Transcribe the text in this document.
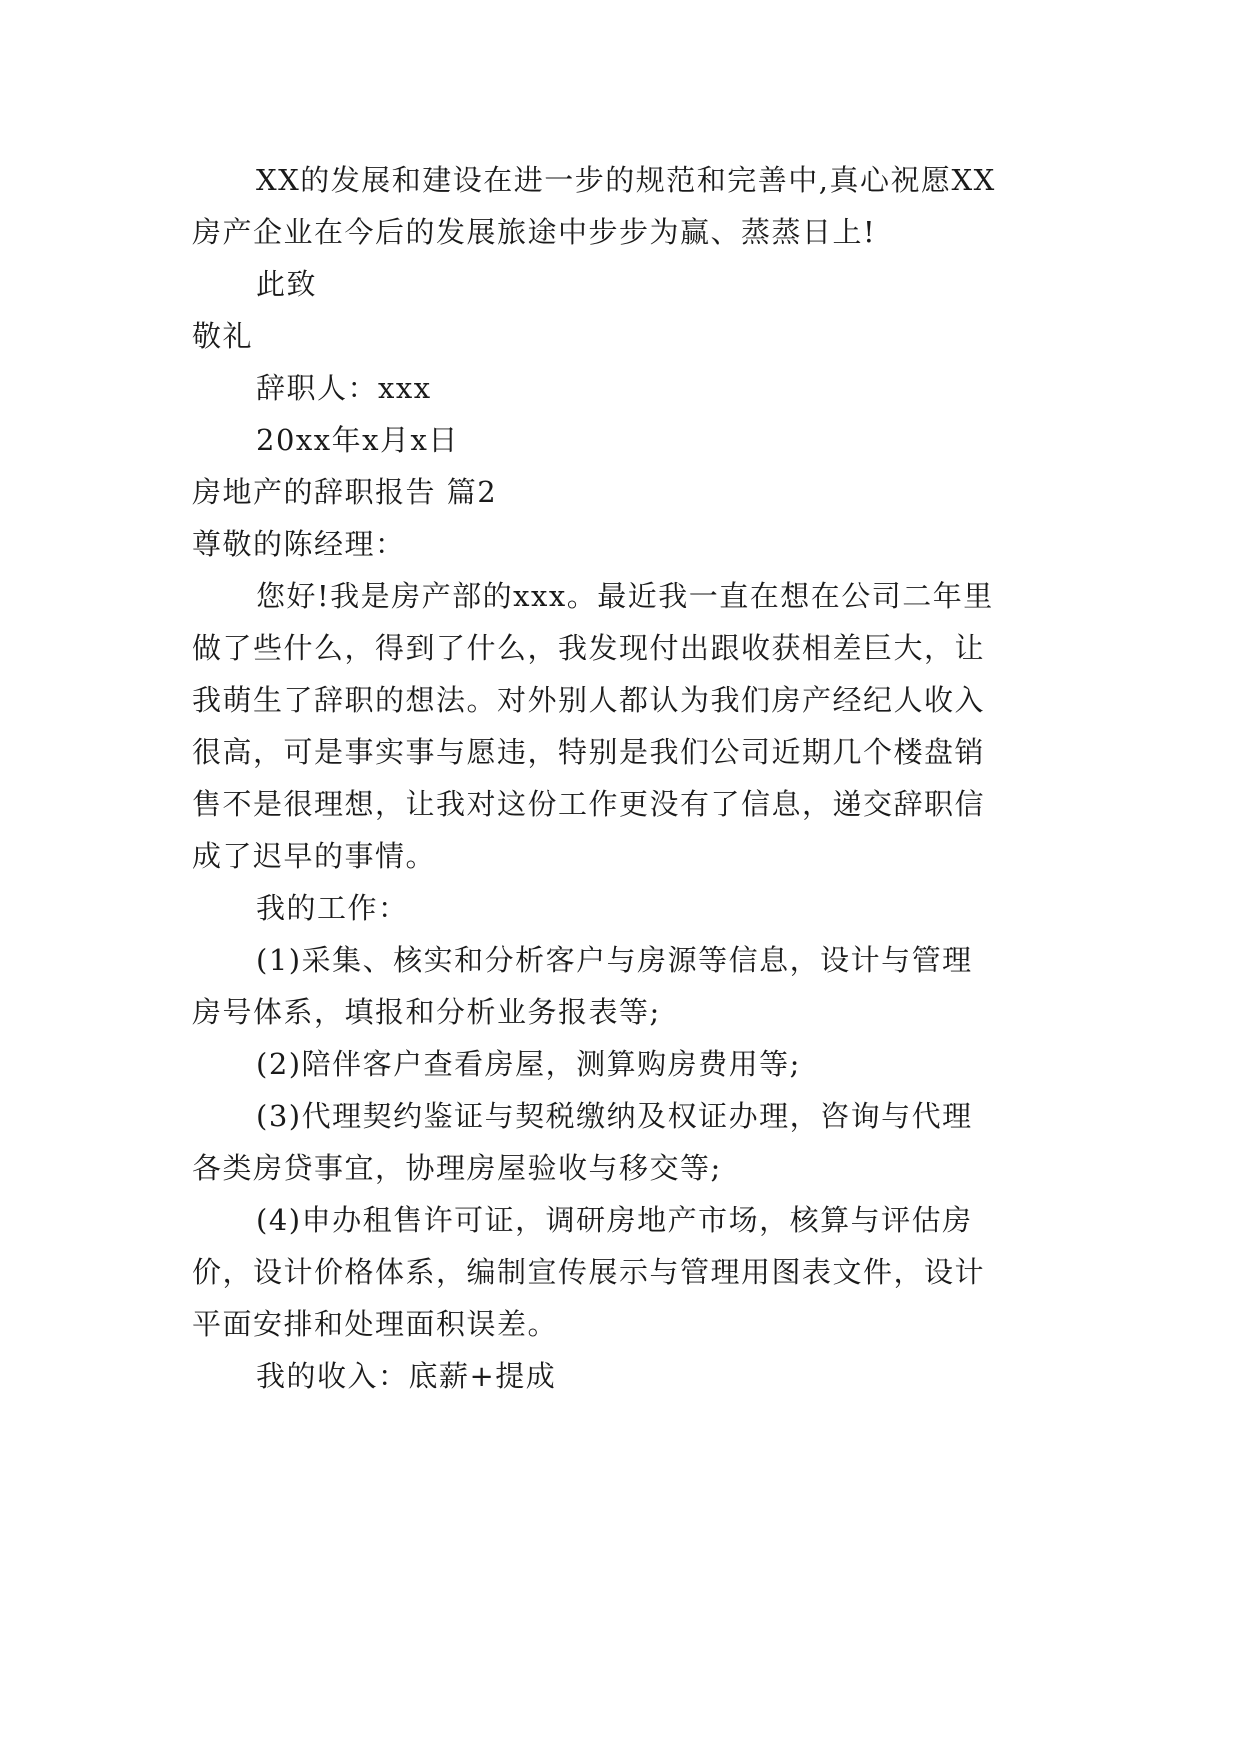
XX的发展和建设在进一步的规范和完善中,真心祝愿XX
房产企业在今后的发展旅途中步步为赢、蒸蒸日上!
此致
敬礼
辞职人：xxx
20xx年x月x日
房地产的辞职报告 篇2
尊敬的陈经理：
您好!我是房产部的xxx。最近我一直在想在公司二年里
做了些什么，得到了什么，我发现付出跟收获相差巨大，让
我萌生了辞职的想法。对外别人都认为我们房产经纪人收入
很高，可是事实事与愿违，特别是我们公司近期几个楼盘销
售不是很理想，让我对这份工作更没有了信息，递交辞职信
成了迟早的事情。
我的工作：
(1)采集、核实和分析客户与房源等信息，设计与管理
房号体系，填报和分析业务报表等;
(2)陪伴客户查看房屋，测算购房费用等;
(3)代理契约鉴证与契税缴纳及权证办理，咨询与代理
各类房贷事宜，协理房屋验收与移交等;
(4)申办租售许可证，调研房地产市场，核算与评估房
价，设计价格体系，编制宣传展示与管理用图表文件，设计
平面安排和处理面积误差。
我的收入：底薪+提成
